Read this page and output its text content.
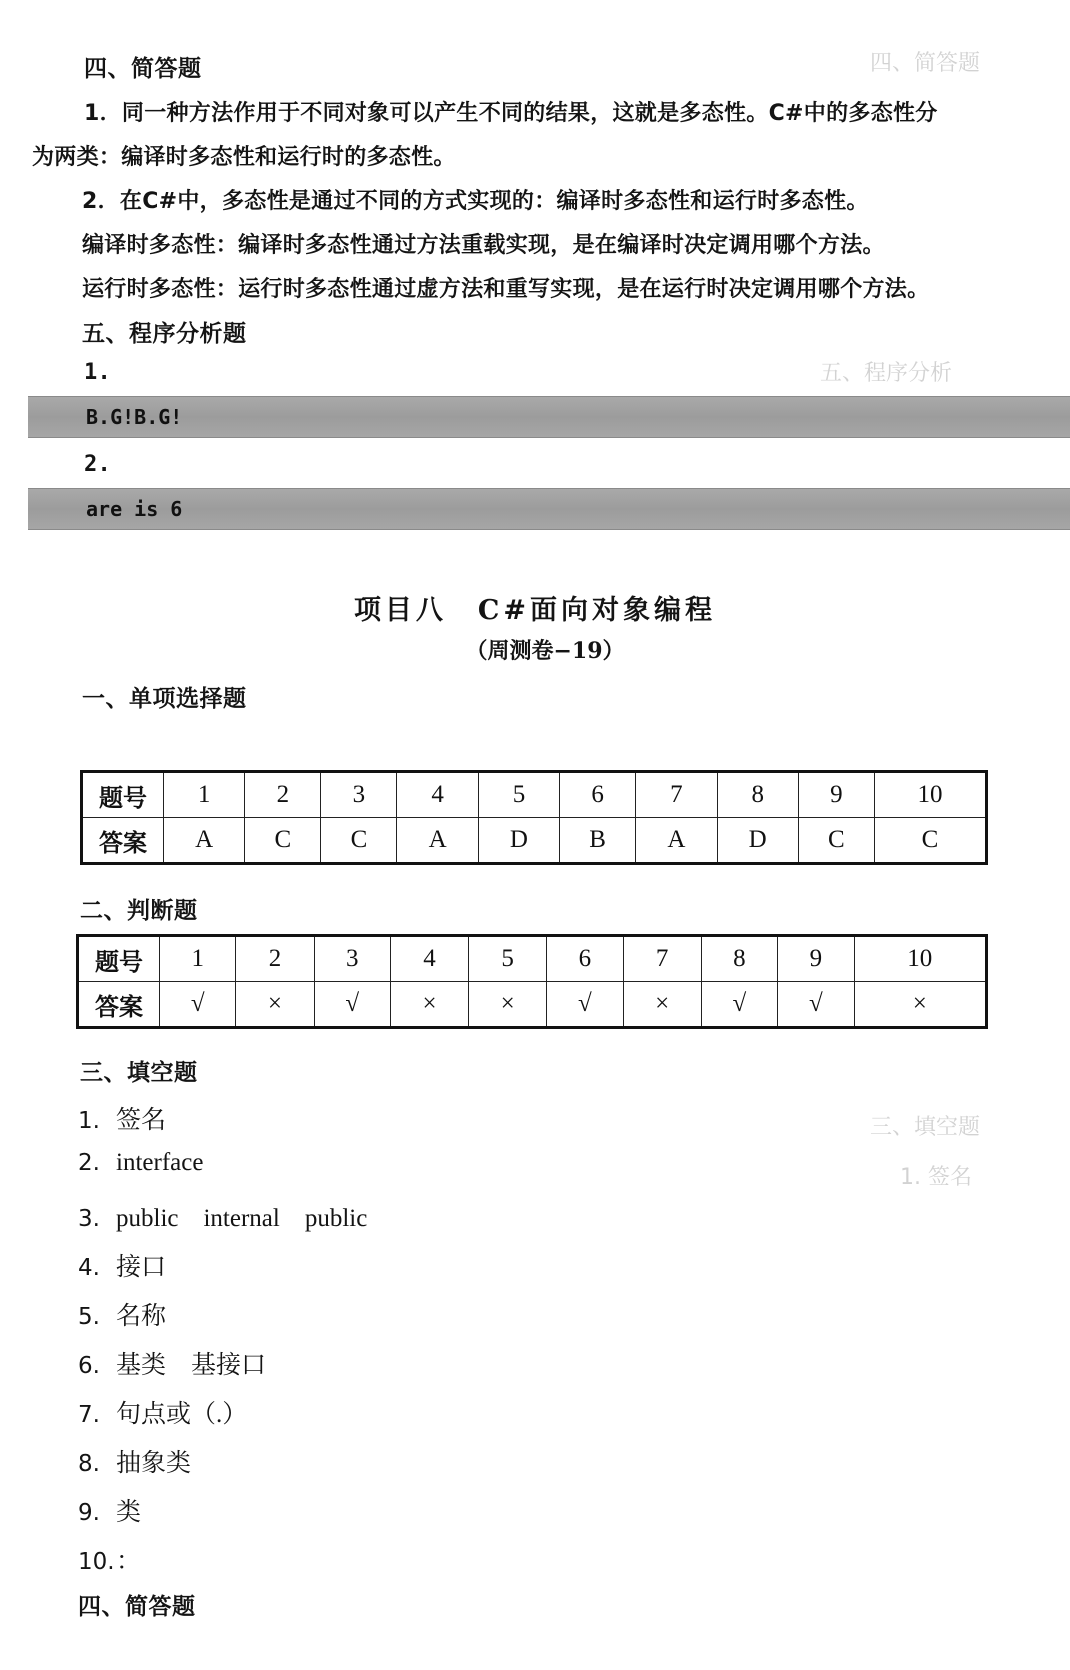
四、简答题
1．同一种方法作用于不同对象可以产生不同的结果，这就是多态性。C#中的多态性分
为两类：编译时多态性和运行时的多态性。
2．在C#中，多态性是通过不同的方式实现的：编译时多态性和运行时多态性。
编译时多态性：编译时多态性通过方法重载实现，是在编译时决定调用哪个方法。
运行时多态性：运行时多态性通过虚方法和重写实现，是在运行时决定调用哪个方法。
五、程序分析题
1.
B.G!B.G!
2.
are is 6
四、简答题
五、程序分析
项目八　C#面向对象编程
（周测卷−19）
一、单项选择题
题号	1	2	3	4	5	6	7	8	9	10
答案	A	C	C	A	D	B	A	D	C	C
二、判断题
题号	1	2	3	4	5	6	7	8	9	10
答案	√	×	√	×	×	√	×	√	√	×
三、填空题
1. 签名
2. interface
3. public　internal　public
4. 接口
5. 名称
6. 基类　基接口
7. 句点或（.）
8. 抽象类
9. 类
10.：
四、简答题
三、填空题
1. 签名
